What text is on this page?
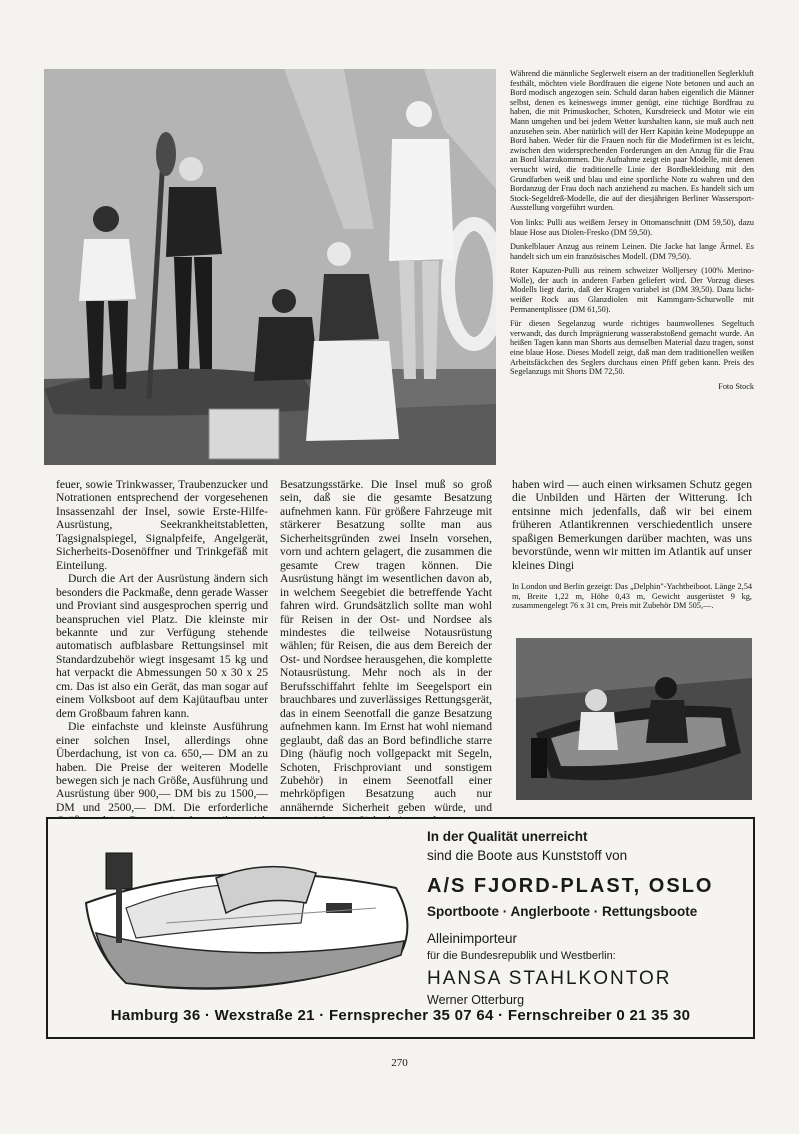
Während die männliche Seglerwelt eisern an der traditionellen Seglerkluft festhält, möchten viele Bordfrauen die eigene Note betonen und auch an Bord modisch angezogen sein. Schuld daran haben eigentlich die Männer selbst, denen es keineswegs immer genügt, eine tüchtige Bordfrau zu haben, die mit Primuskocher, Schoten, Kursdreieck und Motor wie ein Mann umgehen und bei jedem Wetter kurshalten kann, sie muß auch nett anzusehen sein. Aber natürlich will der Herr Kapitän keine Modepuppe an Bord haben. Weder für die Frauen noch für die Modefirmen ist es leicht, zwischen den widersprechenden Forderungen an den Anzug für die Frau an Bord klarzukommen. Die Aufnahme zeigt ein paar Modelle, mit denen versucht wird, die traditionelle Linie der Bordbekleidung mit den Grundfarben weiß und blau und eine sportliche Note zu wahren und den Bordanzug der Frau doch nach anziehend zu machen. Es handelt sich um Stock-Segeldreß-Modelle, die auf der diesjährigen Berliner Wassersport-Ausstellung vorgeführt wurden.

Von links: Pulli aus weißem Jersey in Ottomanschnitt (DM 59,50), dazu blaue Hose aus Diolen-Fresko (DM 59,50).

Dunkelblauer Anzug aus reinem Leinen. Die Jacke hat lange Ärmel. Es handelt sich um ein französisches Modell. (DM 79,50).

Roter Kapuzen-Pulli aus reinem schweizer Wolljersey (100% Merino-Wolle), der auch in anderen Farben geliefert wird. Der Vorzug dieses Modells liegt darin, daß der Kragen variabel ist (DM 39,50). Dazu licht-weißer Rock aus Glanzdiolen mit Kammgarn-Schurwolle mit Permanentplissee (DM 61,50).

Für diesen Segelanzug wurde richtiges baumwollenes Segeltuch verwandt, das durch Imprägnierung wasserabstoßend gemacht wurde. An heißen Tagen kann man Shorts aus demselben Material dazu tragen, sonst eine blaue Hose. Dieses Modell zeigt, daß man dem traditionellen weißen Arbeitsfäckchen des Seglers durchaus einen Pfiff geben kann. Preis des Segelanzugs mit Shorts DM 72,50.

Foto Stock

feuer, sowie Trinkwasser, Traubenzucker und Notrationen entsprechend der vorgesehenen Insassenzahl der Insel, sowie Erste-Hilfe-Ausrüstung, Seekrankheitstabletten, Tagsignalspiegel, Signalpfeife, Angelgerät, Sicherheits-Dosenöffner und Trinkgefäß mit Einteilung.

Durch die Art der Ausrüstung ändern sich besonders die Packmaße, denn gerade Wasser und Proviant sind ausgesprochen sperrig und beanspruchen viel Platz. Die kleinste mir bekannte und zur Verfügung stehende automatisch aufblasbare Rettungsinsel mit Standardzubehör wiegt insgesamt 15 kg und hat verpackt die Abmessungen 50 x 30 x 25 cm. Das ist also ein Gerät, das man sogar auf einem Volksboot auf dem Kajütaufbau unter dem Großbaum fahren kann.

Die einfachste und kleinste Ausführung einer solchen Insel, allerdings ohne Überdachung, ist von ca. 650,— DM an zu haben. Die Preise der weiteren Modelle bewegen sich je nach Größe, Ausführung und Ausrüstung über 900,— DM bis zu 1500,— DM und 2500,— DM. Die erforderliche

Besatzungsstärke. Die Insel muß so groß sein, daß sie die gesamte Besatzung aufnehmen kann. Für größere Fahrzeuge mit stärkerer Besatzung sollte man aus Sicherheitsgründen zwei Inseln vorsehen, vorn und achtern gelagert, die zusammen die gesamte Crew tragen können. Die Ausrüstung hängt im wesentlichen davon ab, in welchem Seegebiet die betreffende Yacht fahren wird. Grundsätzlich sollte man wohl für Reisen in der Ost- und Nordsee als mindestes die teilweise Notausrüstung wählen; für Reisen, die aus dem Bereich der Ost- und Nordsee herausgehen, die komplette Notausrüstung. Mehr noch als in der Berufsschiffahrt fehlte im Seegelsport ein brauchbares und zuverlässiges Rettungsgerät, das in einem Seenotfall die ganze Besatzung aufnehmen kann. Im Ernst hat wohl niemand geglaubt, daß das an Bord befindliche starre Ding (häufig noch vollgepackt mit Segeln, Schoten, Frischproviant und sonstigem Zubehör) in einem Seenotfall einer mehrköpfigen Besatzung auch nur annähernde Sicherheit geben würde, und

haben wird — auch einen wirksamen Schutz gegen die Unbilden und Härten der Witterung. Ich entsinne mich jedenfalls, daß wir bei einem früheren Atlantikrennen verschiedentlich unsere spaßigen Bemerkungen darüber machten, was uns bevorstünde, wenn wir mitten im Atlantik auf unser kleines Dingi

In London und Berlin gezeigt: Das „Delphin"-Yachtbeiboot. Länge 2,54 m, Breite 1,22 m, Höhe 0,43 m, Gewicht ausgerüstet 9 kg, zusammengelegt 76 x 31 cm, Preis mit Zubehör DM 505,—.

In der Qualität unerreicht

sind die Boote aus Kunststoff von

A/S FJORD-PLAST, OSLO

Sportboote · Anglerboote · Rettungsboote

Alleinimporteur

für die Bundesrepublik und Westberlin:

HANSA STAHLKONTOR

Werner Otterburg

Hamburg 36 · Wexstraße 21 · Fernsprecher 35 07 64 · Fernschreiber 0 21 35 30
270
